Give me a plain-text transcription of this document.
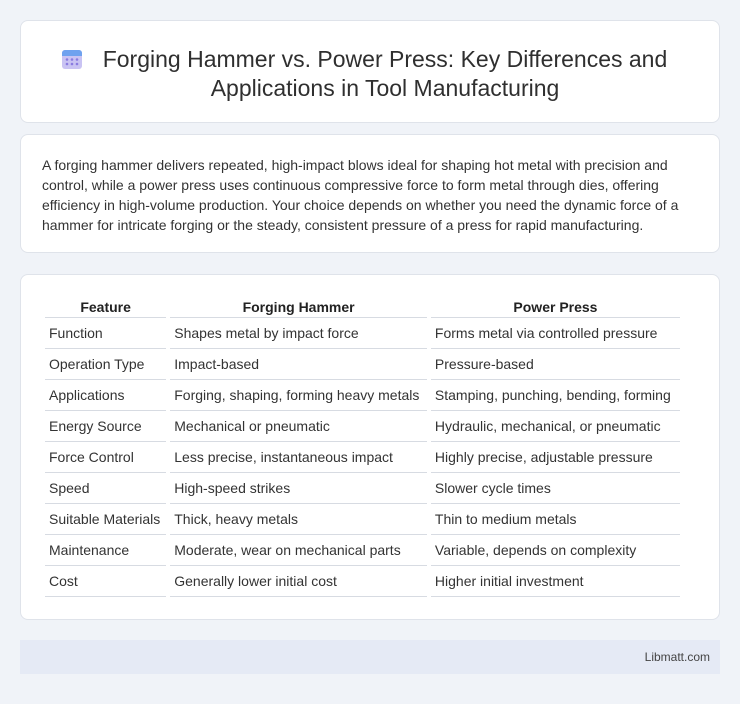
Forging Hammer vs. Power Press: Key Differences and Applications in Tool Manufacturing

A forging hammer delivers repeated, high-impact blows ideal for shaping hot metal with precision and control, while a power press uses continuous compressive force to form metal through dies, offering efficiency in high-volume production. Your choice depends on whether you need the dynamic force of a hammer for intricate forging or the steady, consistent pressure of a press for rapid manufacturing.

Feature	Forging Hammer	Power Press
Function	Shapes metal by impact force	Forms metal via controlled pressure
Operation Type	Impact-based	Pressure-based
Applications	Forging, shaping, forming heavy metals	Stamping, punching, bending, forming
Energy Source	Mechanical or pneumatic	Hydraulic, mechanical, or pneumatic
Force Control	Less precise, instantaneous impact	Highly precise, adjustable pressure
Speed	High-speed strikes	Slower cycle times
Suitable Materials	Thick, heavy metals	Thin to medium metals
Maintenance	Moderate, wear on mechanical parts	Variable, depends on complexity
Cost	Generally lower initial cost	Higher initial investment
Libmatt.com
